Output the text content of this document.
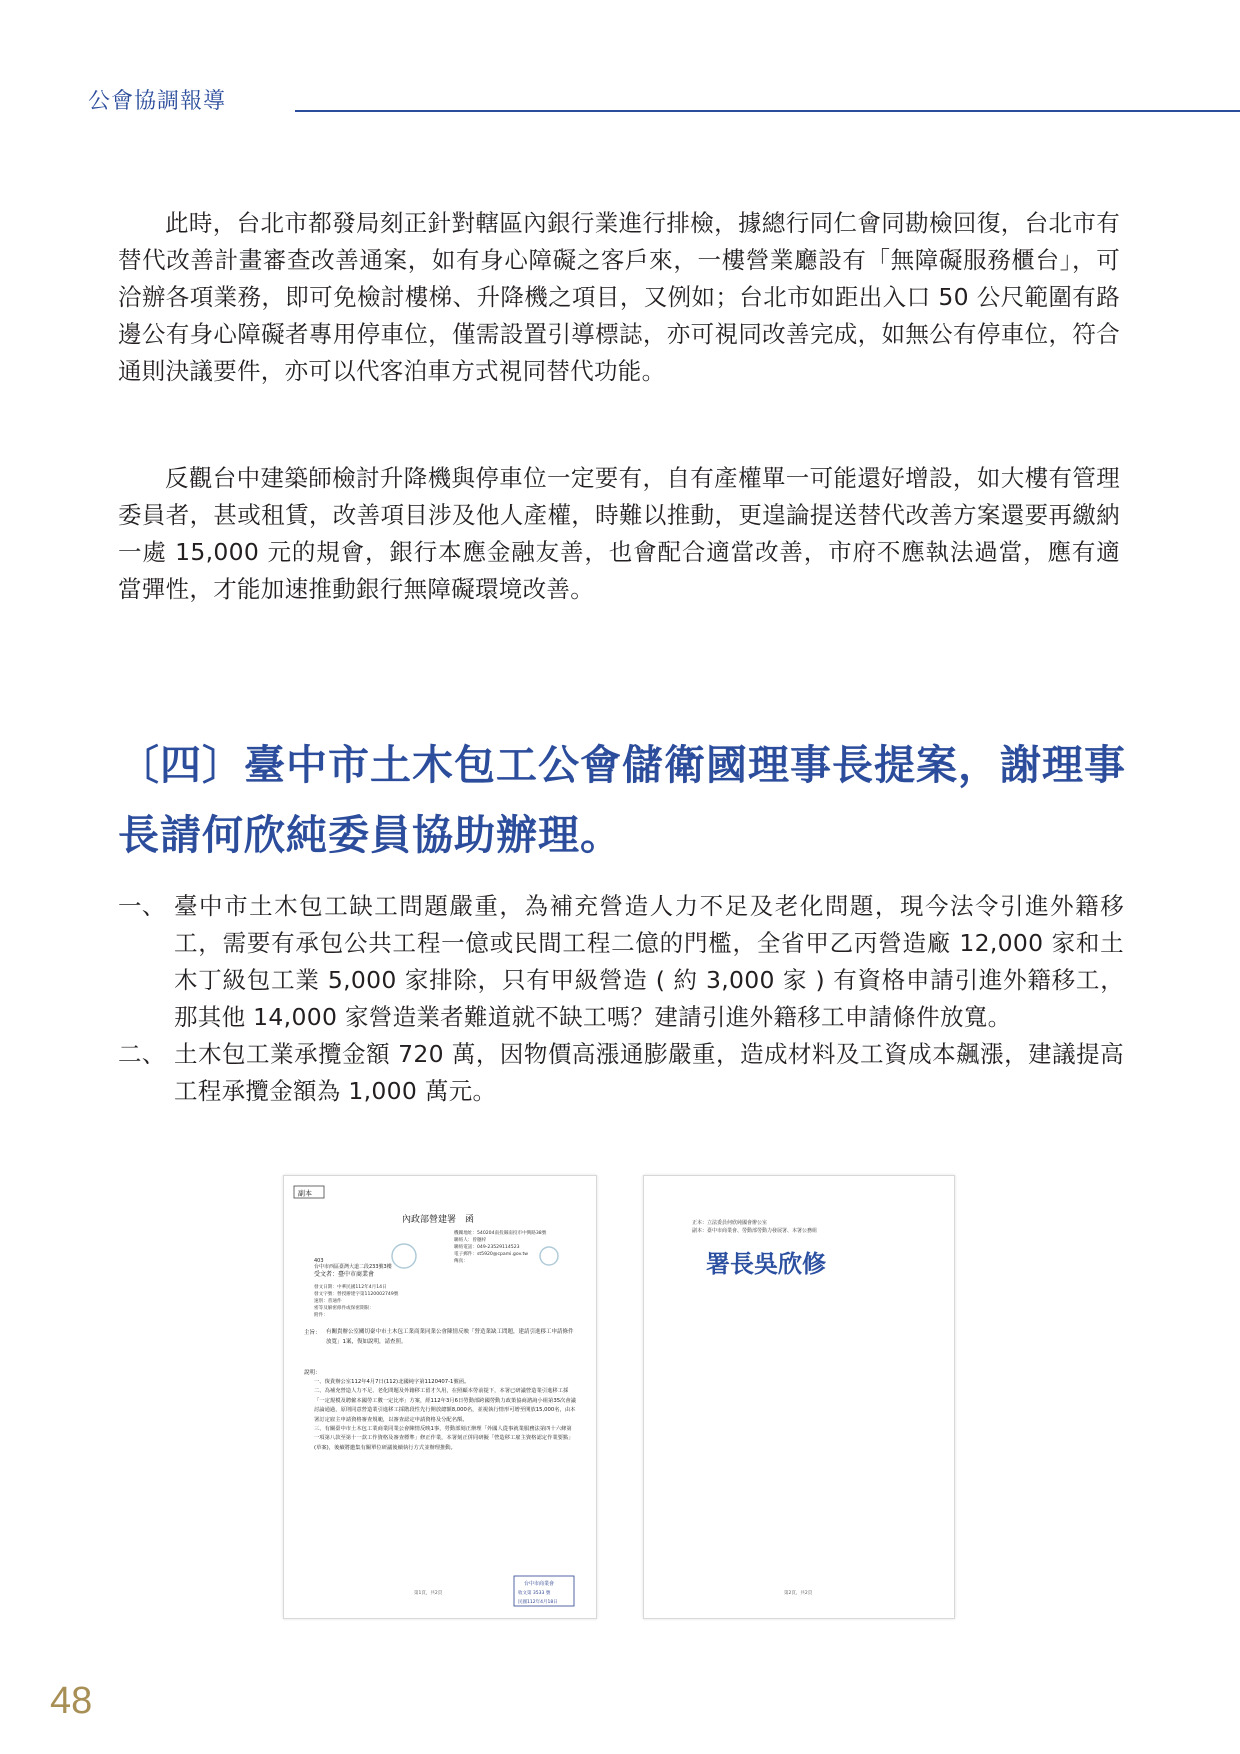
公會協調報導

此時，台北市都發局刻正針對轄區內銀行業進行排檢，據總行同仁會同勘檢回復，台北市有替代改善計畫審查改善通案，如有身心障礙之客戶來，一樓營業廳設有「無障礙服務櫃台」，可洽辦各項業務，即可免檢討樓梯、升降機之項目，又例如；台北市如距出入口 50 公尺範圍有路邊公有身心障礙者專用停車位，僅需設置引導標誌，亦可視同改善完成，如無公有停車位，符合通則決議要件，亦可以代客泊車方式視同替代功能。

反觀台中建築師檢討升降機與停車位一定要有，自有產權單一可能還好增設，如大樓有管理委員者，甚或租賃，改善項目涉及他人產權，時難以推動，更遑論提送替代改善方案還要再繳納一處 15,000 元的規會，銀行本應金融友善，也會配合適當改善，市府不應執法過當，應有適當彈性，才能加速推動銀行無障礙環境改善。

〔四〕臺中市土木包工公會儲衛國理事長提案，謝理事長請何欣純委員協助辦理。
一、 臺中市土木包工缺工問題嚴重，為補充營造人力不足及老化問題，現今法令引進外籍移工，需要有承包公共工程一億或民間工程二億的門檻，全省甲乙丙營造廠 12,000 家和土木丁級包工業 5,000 家排除，只有甲級營造 ( 約 3,000 家 ) 有資格申請引進外籍移工，那其他 14,000 家營造業者難道就不缺工嗎？建請引進外籍移工申請條件放寬。
二、 土木包工業承攬金額 720 萬，因物價高漲通膨嚴重，造成材料及工資成本飆漲，建議提高工程承攬金額為 1,000 萬元。
副本
內政部營建署　函
機關地址：540204南投縣南投市中興路38號聯絡人：曾穗梓聯絡電話：049-23529114523 電子郵件：st5920@cpami.gov.tw 傳真：
403
台中市西區臺灣大道二段233號3樓
受文者：臺中市商業會
發文日期：中華民國112年4月14日
發文字號：營授辦建字第1120002749號
速別：普通件
密等及解密條件或保密期限：
附件：
主旨： 有關貴辦公室關切臺中市土木包工業商業同業公會陳情反映「營造業缺工問題，建請引進移工申請條件放寬」1案，復如說明，請查照。
說明：
一、復貴辦公室112年4月7日(112)北國純字第1120407-1號函。
二、為補充營造人力不足、老化問題及外籍移工留才久用，在照顧本勞前提下，本署已研議營造業引進移工採「一定規模及聘僱本國勞工數一定比率」方案，經112年3月6日勞動部跨國勞動力政策協商諮詢小組第35次會議討論通過，原則同意營造業引進移工採階段性先行開放總額8,000名，並視執行情形可增至開放15,000名，由本署訂定雇主申請資格審查規範，以審查認定申請資格及分配名額。
三、有關臺中市土木包工業商業同業公會陳情反映1事，勞動部刻正辦理「外國人從事就業服務法第四十六條第一項第八款至第十一款工作資格及審查標準」修正作業，本署刻正併同研擬「營造移工雇主資格認定作業要點」(草案)，後續將邀集有關單位研議後續執行方式並辦理推動。
第1頁，共2頁
台中市商業會
收文第 3533 號
民國112年4月18日
正本：立法委員何欣純國會辦公室
副本：臺中市商業會、勞動部勞動力發展署、本署公務組
署長吳欣修
第2頁，共2頁
48
